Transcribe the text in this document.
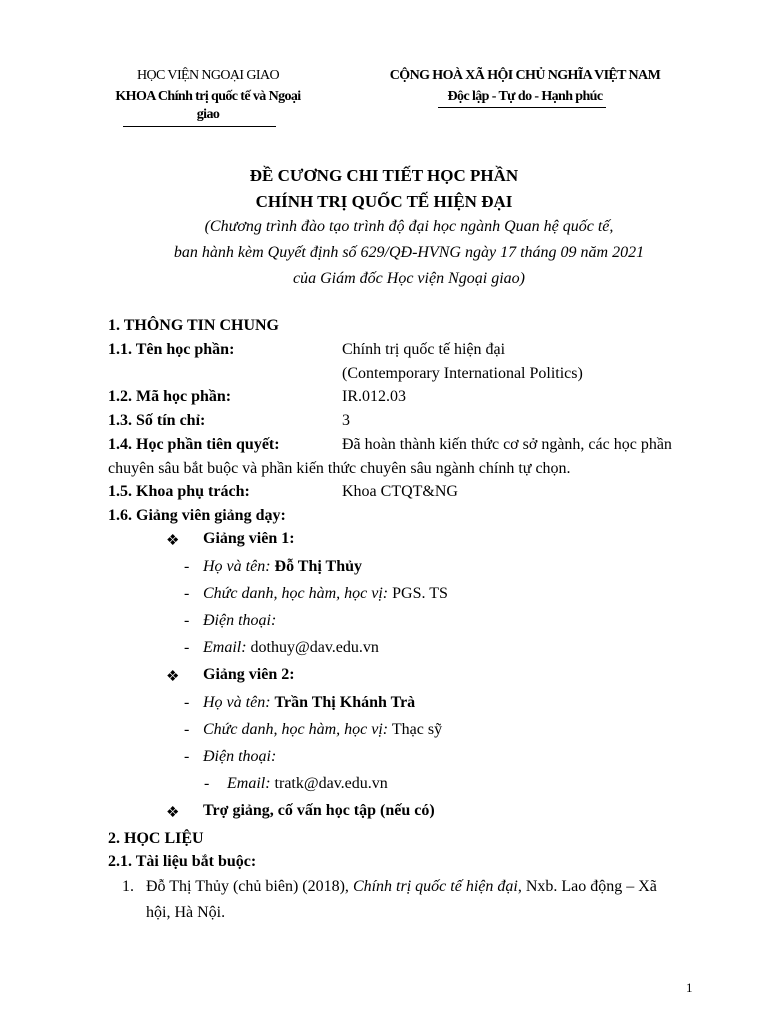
HỌC VIỆN NGOẠI GIAO
KHOA Chính trị quốc tế và Ngoại
giao
CỘNG HOÀ XÃ HỘI CHỦ NGHĨA VIỆT NAM
Độc lập - Tự do - Hạnh phúc
ĐỀ CƯƠNG CHI TIẾT HỌC PHẦN
CHÍNH TRỊ QUỐC TẾ HIỆN ĐẠI
(Chương trình đào tạo trình độ đại học ngành Quan hệ quốc tế,
ban hành kèm Quyết định số 629/QĐ-HVNG ngày 17 tháng 09 năm 2021
của Giám đốc Học viện Ngoại giao)
1. THÔNG TIN CHUNG
1.1. Tên học phần:	Chính trị quốc tế hiện đại
(Contemporary International Politics)
1.2. Mã học phần:	IR.012.03
1.3. Số tín chỉ:	3
1.4. Học phần tiên quyết:	Đã hoàn thành kiến thức cơ sở ngành, các học phần
chuyên sâu bắt buộc và phần kiến thức chuyên sâu ngành chính tự chọn.
1.5. Khoa phụ trách:	Khoa CTQT&NG
1.6. Giảng viên giảng dạy:
❖ Giảng viên 1:
- Họ và tên: Đỗ Thị Thủy
- Chức danh, học hàm, học vị: PGS. TS
- Điện thoại:
- Email: dothuy@dav.edu.vn
❖ Giảng viên 2:
- Họ và tên: Trần Thị Khánh Trà
- Chức danh, học hàm, học vị: Thạc sỹ
- Điện thoại:
- Email: tratk@dav.edu.vn
❖ Trợ giảng, cố vấn học tập (nếu có)
2. HỌC LIỆU
2.1. Tài liệu bắt buộc:
1. Đỗ Thị Thủy (chủ biên) (2018), Chính trị quốc tế hiện đại, Nxb. Lao động – Xã
hội, Hà Nội.
1
